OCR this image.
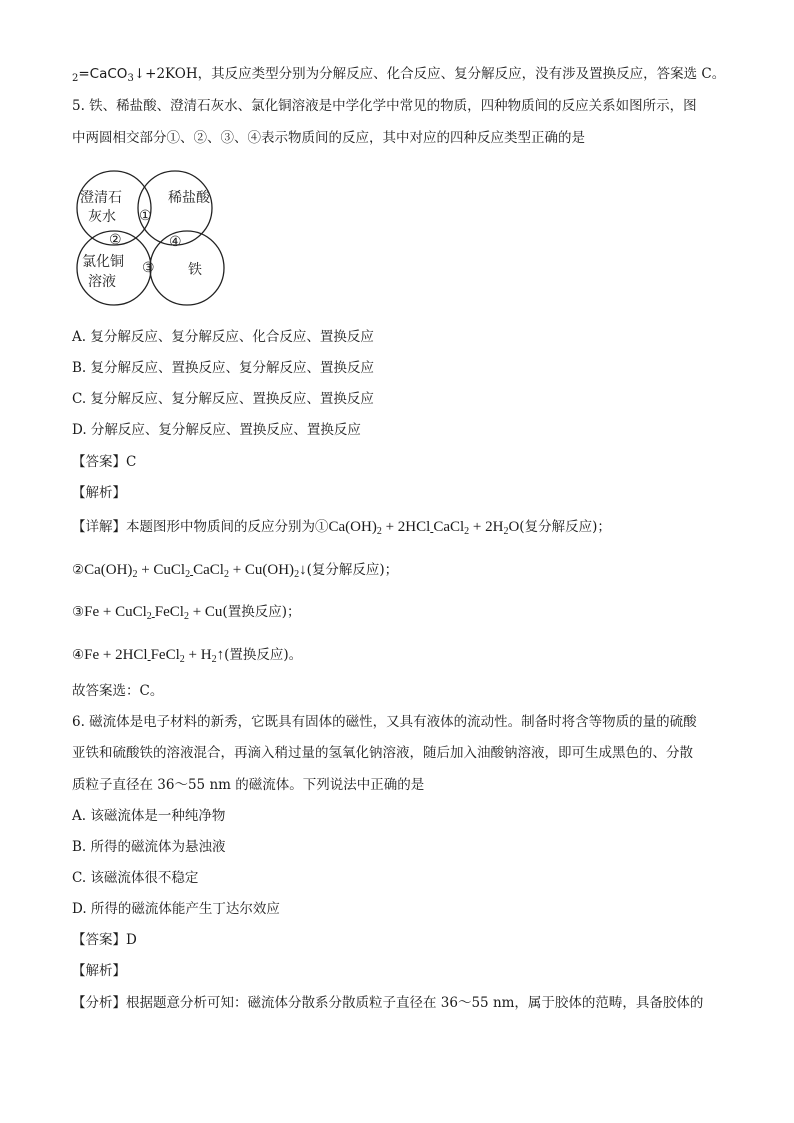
$_2$=CaCO$_3$↓+2KOH，其反应类型分别为分解反应、化合反应、复分解反应，没有涉及置换反应，答案选 C。
5. 铁、稀盐酸、澄清石灰水、氯化铜溶液是中学化学中常见的物质，四种物质间的反应关系如图所示，图
中两圆相交部分①、②、③、④表示物质间的反应，其中对应的四种反应类型正确的是
澄清石
灰水
稀盐酸
氯化铜
溶液
铁
①
②	④
③
A. 复分解反应、复分解反应、化合反应、置换反应
B. 复分解反应、置换反应、复分解反应、置换反应
C. 复分解反应、复分解反应、置换反应、置换反应
D. 分解反应、复分解反应、置换反应、置换反应
【答案】C
【解析】
【详解】本题图形中物质间的反应分别为$①Ca(OH)_2 + 2HCl$  CaCl$_2$ + $2H_2O$(复分解反应)；
$②Ca(OH)_2$ + CuCl$_2$  CaCl$_2$ + $Cu(OH)_2↓$(复分解反应)；
③Fe + CuCl$_2$  FeCl$_2$ + Cu(置换反应)；
④Fe + 2HCl  FeCl$_2$ + $H_2↑$(置换反应)。
故答案选：C。
6. 磁流体是电子材料的新秀，它既具有固体的磁性，又具有液体的流动性。制备时将含等物质的量的硫酸
亚铁和硫酸铁的溶液混合，再滴入稍过量的氢氧化钠溶液，随后加入油酸钠溶液，即可生成黑色的、分散
质粒子直径在 36～55 nm 的磁流体。下列说法中正确的是
A. 该磁流体是一种纯净物
B. 所得的磁流体为悬浊液
C. 该磁流体很不稳定
D. 所得的磁流体能产生丁达尔效应
【答案】D
【解析】
【分析】根据题意分析可知：磁流体分散系分散质粒子直径在 36～55 nm，属于胶体的范畴，具备胶体的
